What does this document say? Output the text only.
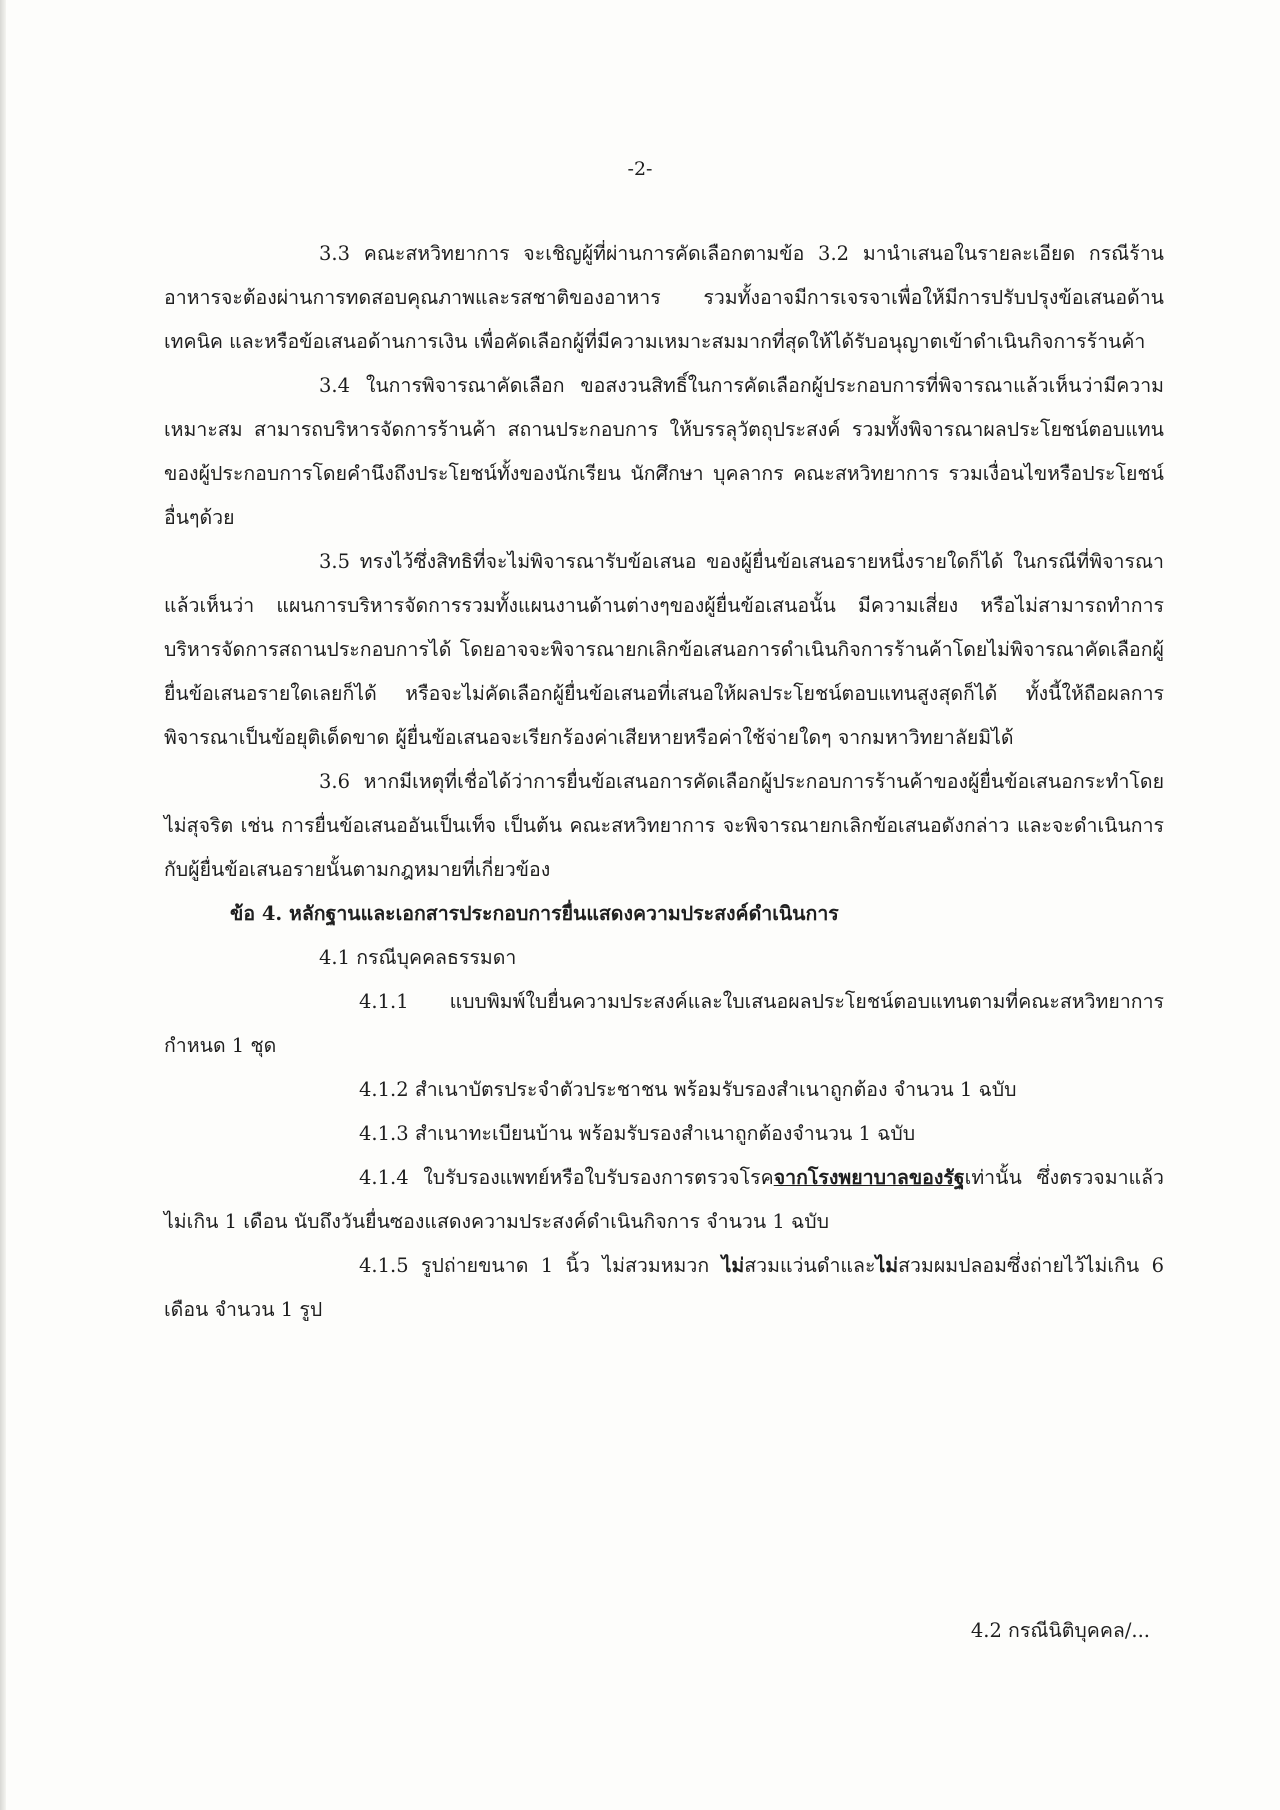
-2-

3.3 คณะสหวิทยาการ จะเชิญผู้ที่ผ่านการคัดเลือกตามข้อ 3.2 มานำเสนอในรายละเอียด กรณีร้านอาหารจะต้องผ่านการทดสอบคุณภาพและรสชาติของอาหาร รวมทั้งอาจมีการเจรจาเพื่อให้มีการปรับปรุงข้อเสนอด้านเทคนิค และหรือข้อเสนอด้านการเงิน เพื่อคัดเลือกผู้ที่มีความเหมาะสมมากที่สุดให้ได้รับอนุญาตเข้าดำเนินกิจการร้านค้า

3.4 ในการพิจารณาคัดเลือก ขอสงวนสิทธิ์ในการคัดเลือกผู้ประกอบการที่พิจารณาแล้วเห็นว่ามีความเหมาะสม สามารถบริหารจัดการร้านค้า สถานประกอบการ ให้บรรลุวัตถุประสงค์ รวมทั้งพิจารณาผลประโยชน์ตอบแทนของผู้ประกอบการโดยคำนึงถึงประโยชน์ทั้งของนักเรียน นักศึกษา บุคลากร คณะสหวิทยาการ รวมเงื่อนไขหรือประโยชน์อื่นๆด้วย

3.5 ทรงไว้ซึ่งสิทธิที่จะไม่พิจารณารับข้อเสนอ ของผู้ยื่นข้อเสนอรายหนึ่งรายใดก็ได้ ในกรณีที่พิจารณาแล้วเห็นว่า แผนการบริหารจัดการรวมทั้งแผนงานด้านต่างๆของผู้ยื่นข้อเสนอนั้น มีความเสี่ยง หรือไม่สามารถทำการบริหารจัดการสถานประกอบการได้ โดยอาจจะพิจารณายกเลิกข้อเสนอการดำเนินกิจการร้านค้าโดยไม่พิจารณาคัดเลือกผู้ยื่นข้อเสนอรายใดเลยก็ได้ หรือจะไม่คัดเลือกผู้ยื่นข้อเสนอที่เสนอให้ผลประโยชน์ตอบแทนสูงสุดก็ได้ ทั้งนี้ให้ถือผลการพิจารณาเป็นข้อยุติเด็ดขาด ผู้ยื่นข้อเสนอจะเรียกร้องค่าเสียหายหรือค่าใช้จ่ายใดๆ จากมหาวิทยาลัยมิได้

3.6 หากมีเหตุที่เชื่อได้ว่าการยื่นข้อเสนอการคัดเลือกผู้ประกอบการร้านค้าของผู้ยื่นข้อเสนอกระทำโดยไม่สุจริต เช่น การยื่นข้อเสนออันเป็นเท็จ เป็นต้น คณะสหวิทยาการ จะพิจารณายกเลิกข้อเสนอดังกล่าว และจะดำเนินการกับผู้ยื่นข้อเสนอรายนั้นตามกฎหมายที่เกี่ยวข้อง

ข้อ 4. หลักฐานและเอกสารประกอบการยื่นแสดงความประสงค์ดำเนินการ

4.1 กรณีบุคคลธรรมดา

4.1.1 แบบพิมพ์ใบยื่นความประสงค์และใบเสนอผลประโยชน์ตอบแทนตามที่คณะสหวิทยาการกำหนด 1 ชุด

4.1.2 สำเนาบัตรประจำตัวประชาชน พร้อมรับรองสำเนาถูกต้อง จำนวน 1 ฉบับ

4.1.3 สำเนาทะเบียนบ้าน พร้อมรับรองสำเนาถูกต้องจำนวน 1 ฉบับ

4.1.4 ใบรับรองแพทย์หรือใบรับรองการตรวจโรคจากโรงพยาบาลของรัฐเท่านั้น ซึ่งตรวจมาแล้วไม่เกิน 1 เดือน นับถึงวันยื่นซองแสดงความประสงค์ดำเนินกิจการ จำนวน 1 ฉบับ

4.1.5 รูปถ่ายขนาด 1 นิ้ว ไม่สวมหมวก ไม่สวมแว่นดำและไม่สวมผมปลอมซึ่งถ่ายไว้ไม่เกิน 6 เดือน จำนวน 1 รูป

4.2 กรณีนิติบุคคล/...
